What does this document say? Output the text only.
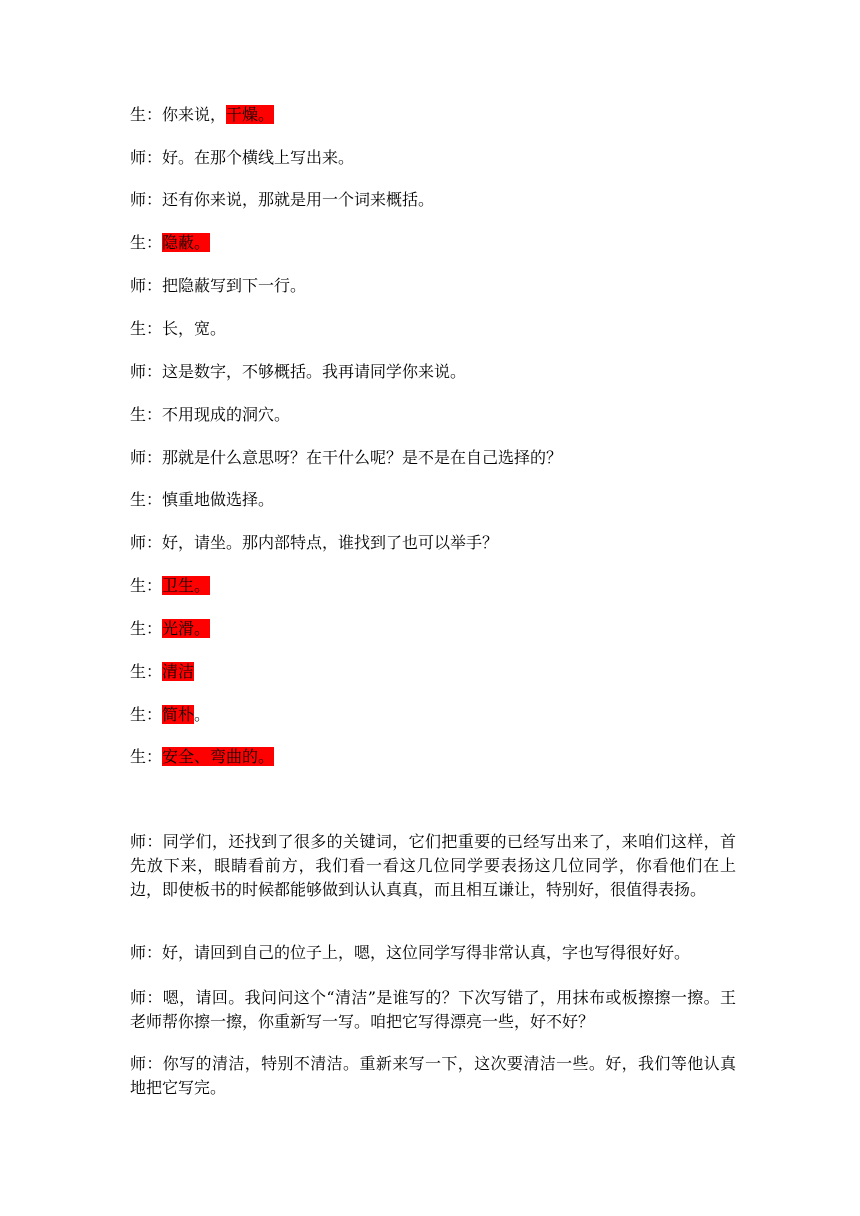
生：你来说，干燥。
师：好。在那个横线上写出来。
师：还有你来说，那就是用一个词来概括。
生：隐蔽。
师：把隐蔽写到下一行。
生：长，宽。
师：这是数字，不够概括。我再请同学你来说。
生：不用现成的洞穴。
师：那就是什么意思呀？在干什么呢？是不是在自己选择的？
生：慎重地做选择。
师：好，请坐。那内部特点，谁找到了也可以举手？
生：卫生。
生：光滑。
生：清洁
生：简朴。
生：安全、弯曲的。
师：同学们，还找到了很多的关键词，它们把重要的已经写出来了，来咱们这样，首先放下来，眼睛看前方，我们看一看这几位同学要表扬这几位同学，你看他们在上边，即使板书的时候都能够做到认认真真，而且相互谦让，特别好，很值得表扬。
师：好，请回到自己的位子上，嗯，这位同学写得非常认真，字也写得很好好。
师：嗯，请回。我问问这个“清洁”是谁写的？下次写错了，用抹布或板擦擦一擦。王老师帮你擦一擦，你重新写一写。咱把它写得漂亮一些，好不好？
师：你写的清洁，特别不清洁。重新来写一下，这次要清洁一些。好，我们等他认真地把它写完。
